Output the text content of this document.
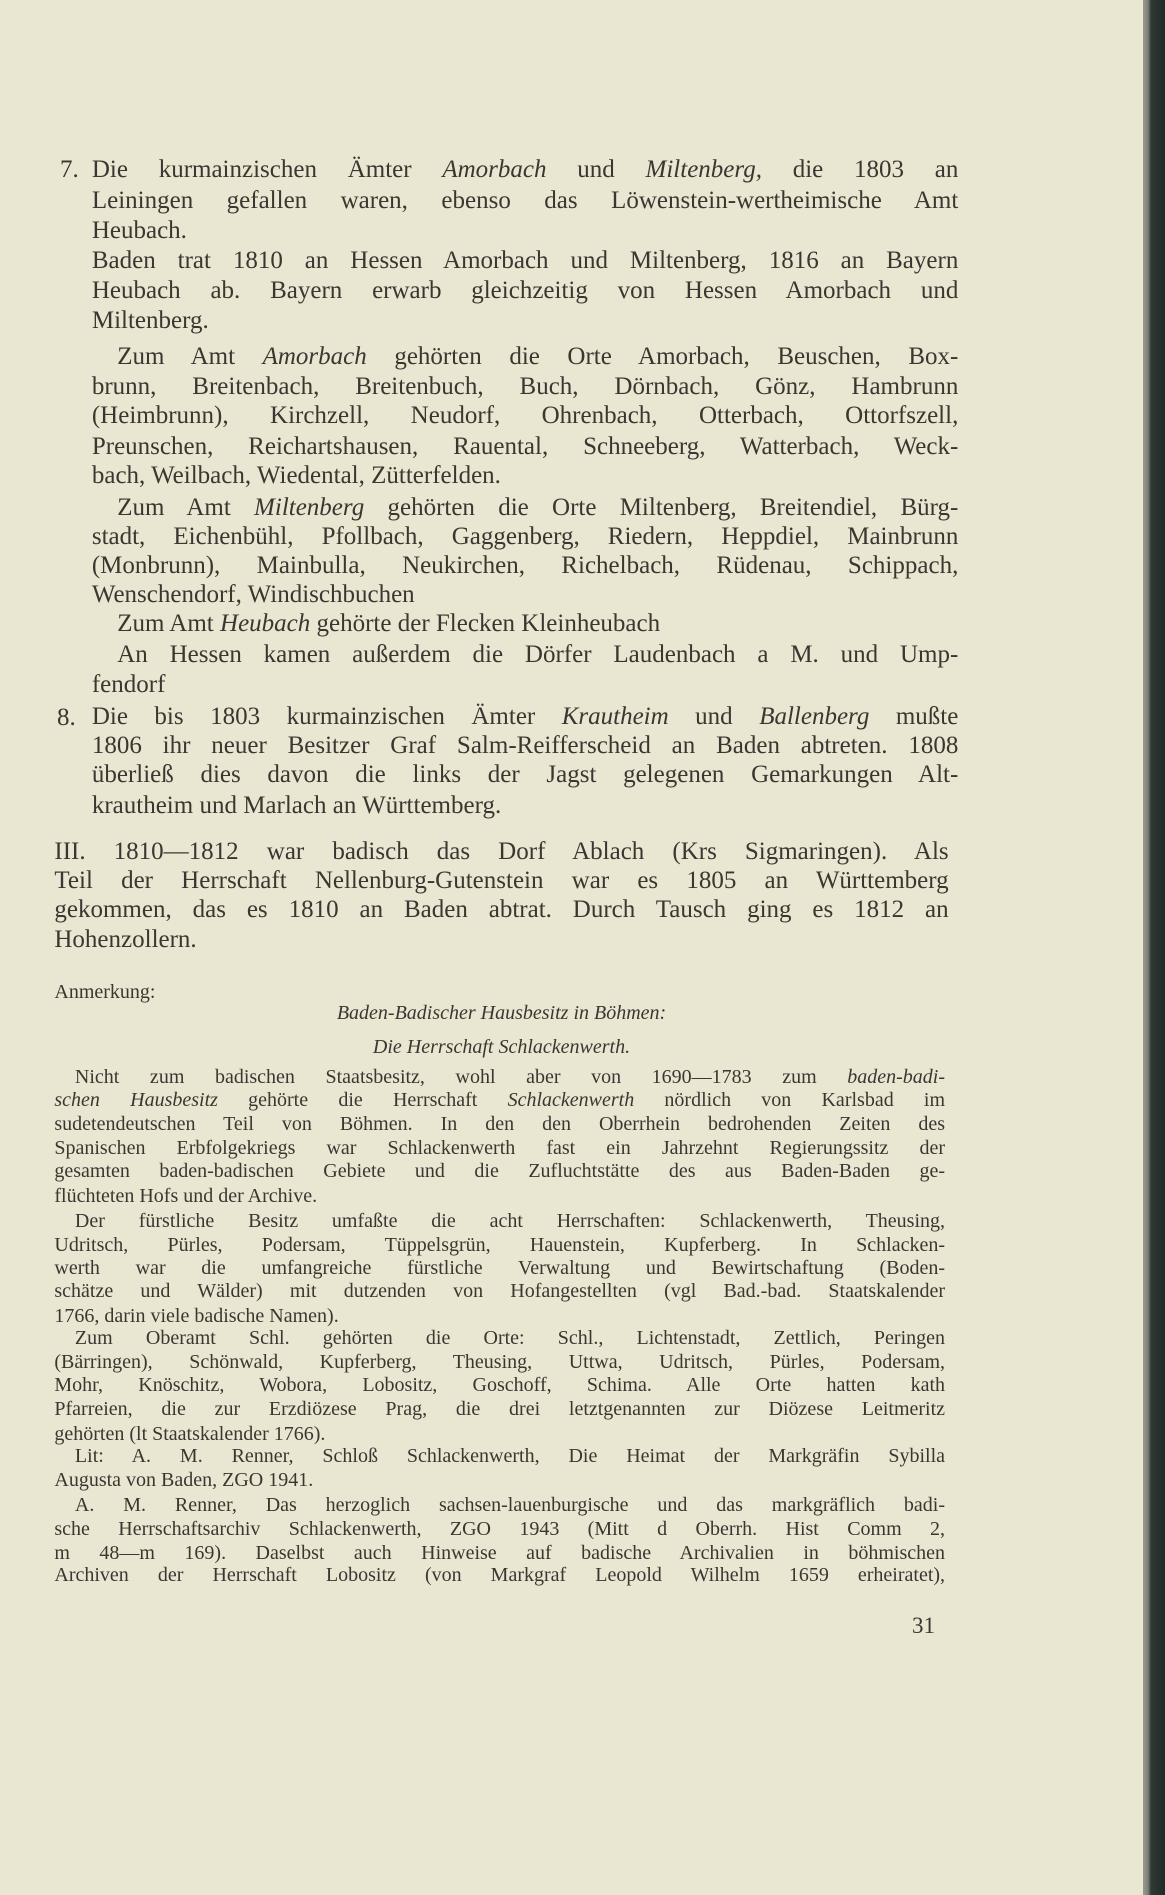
7.
8.
31
Die kurmainzischen Ämter Amorbach und Miltenberg, die 1803 an
Leiningen gefallen waren, ebenso das Löwenstein-wertheimische Amt
Heubach.
Baden trat 1810 an Hessen Amorbach und Miltenberg, 1816 an Bayern
Heubach ab. Bayern erwarb gleichzeitig von Hessen Amorbach und
Miltenberg.
Zum Amt Amorbach gehörten die Orte Amorbach, Beuschen, Box-
brunn, Breitenbach, Breitenbuch, Buch, Dörnbach, Gönz, Hambrunn
(Heimbrunn), Kirchzell, Neudorf, Ohrenbach, Otterbach, Ottorfszell,
Preunschen, Reichartshausen, Rauental, Schneeberg, Watterbach, Weck-
bach, Weilbach, Wiedental, Zütterfelden.
Zum Amt Miltenberg gehörten die Orte Miltenberg, Breitendiel, Bürg-
stadt, Eichenbühl, Pfollbach, Gaggenberg, Riedern, Heppdiel, Mainbrunn
(Monbrunn), Mainbulla, Neukirchen, Richelbach, Rüdenau, Schippach,
Wenschendorf, Windischbuchen
Zum Amt Heubach gehörte der Flecken Kleinheubach
An Hessen kamen außerdem die Dörfer Laudenbach a M. und Ump-
fendorf
Die bis 1803 kurmainzischen Ämter Krautheim und Ballenberg mußte
1806 ihr neuer Besitzer Graf Salm-Reifferscheid an Baden abtreten. 1808
überließ dies davon die links der Jagst gelegenen Gemarkungen Alt-
krautheim und Marlach an Württemberg.
III. 1810—1812 war badisch das Dorf Ablach (Krs Sigmaringen). Als
Teil der Herrschaft Nellenburg-Gutenstein war es 1805 an Württemberg
gekommen, das es 1810 an Baden abtrat. Durch Tausch ging es 1812 an
Hohenzollern.
Anmerkung:
Baden-Badischer Hausbesitz in Böhmen:
Die Herrschaft Schlackenwerth.
Nicht zum badischen Staatsbesitz, wohl aber von 1690—1783 zum baden-badi-
schen Hausbesitz gehörte die Herrschaft Schlackenwerth nördlich von Karlsbad im
sudetendeutschen Teil von Böhmen. In den den Oberrhein bedrohenden Zeiten des
Spanischen Erbfolgekriegs war Schlackenwerth fast ein Jahrzehnt Regierungssitz der
gesamten baden-badischen Gebiete und die Zufluchtstätte des aus Baden-Baden ge-
flüchteten Hofs und der Archive.
Der fürstliche Besitz umfaßte die acht Herrschaften: Schlackenwerth, Theusing,
Udritsch, Pürles, Podersam, Tüppelsgrün, Hauenstein, Kupferberg. In Schlacken-
werth war die umfangreiche fürstliche Verwaltung und Bewirtschaftung (Boden-
schätze und Wälder) mit dutzenden von Hofangestellten (vgl Bad.-bad. Staatskalender
1766, darin viele badische Namen).
Zum Oberamt Schl. gehörten die Orte: Schl., Lichtenstadt, Zettlich, Peringen
(Bärringen), Schönwald, Kupferberg, Theusing, Uttwa, Udritsch, Pürles, Podersam,
Mohr, Knöschitz, Wobora, Lobositz, Goschoff, Schima. Alle Orte hatten kath
Pfarreien, die zur Erzdiözese Prag, die drei letztgenannten zur Diözese Leitmeritz
gehörten (lt Staatskalender 1766).
Lit: A. M. Renner, Schloß Schlackenwerth, Die Heimat der Markgräfin Sybilla
Augusta von Baden, ZGO 1941.
A. M. Renner, Das herzoglich sachsen-lauenburgische und das markgräflich badi-
sche Herrschaftsarchiv Schlackenwerth, ZGO 1943 (Mitt d Oberrh. Hist Comm 2,
m 48—m 169). Daselbst auch Hinweise auf badische Archivalien in böhmischen
Archiven der Herrschaft Lobositz (von Markgraf Leopold Wilhelm 1659 erheiratet),
